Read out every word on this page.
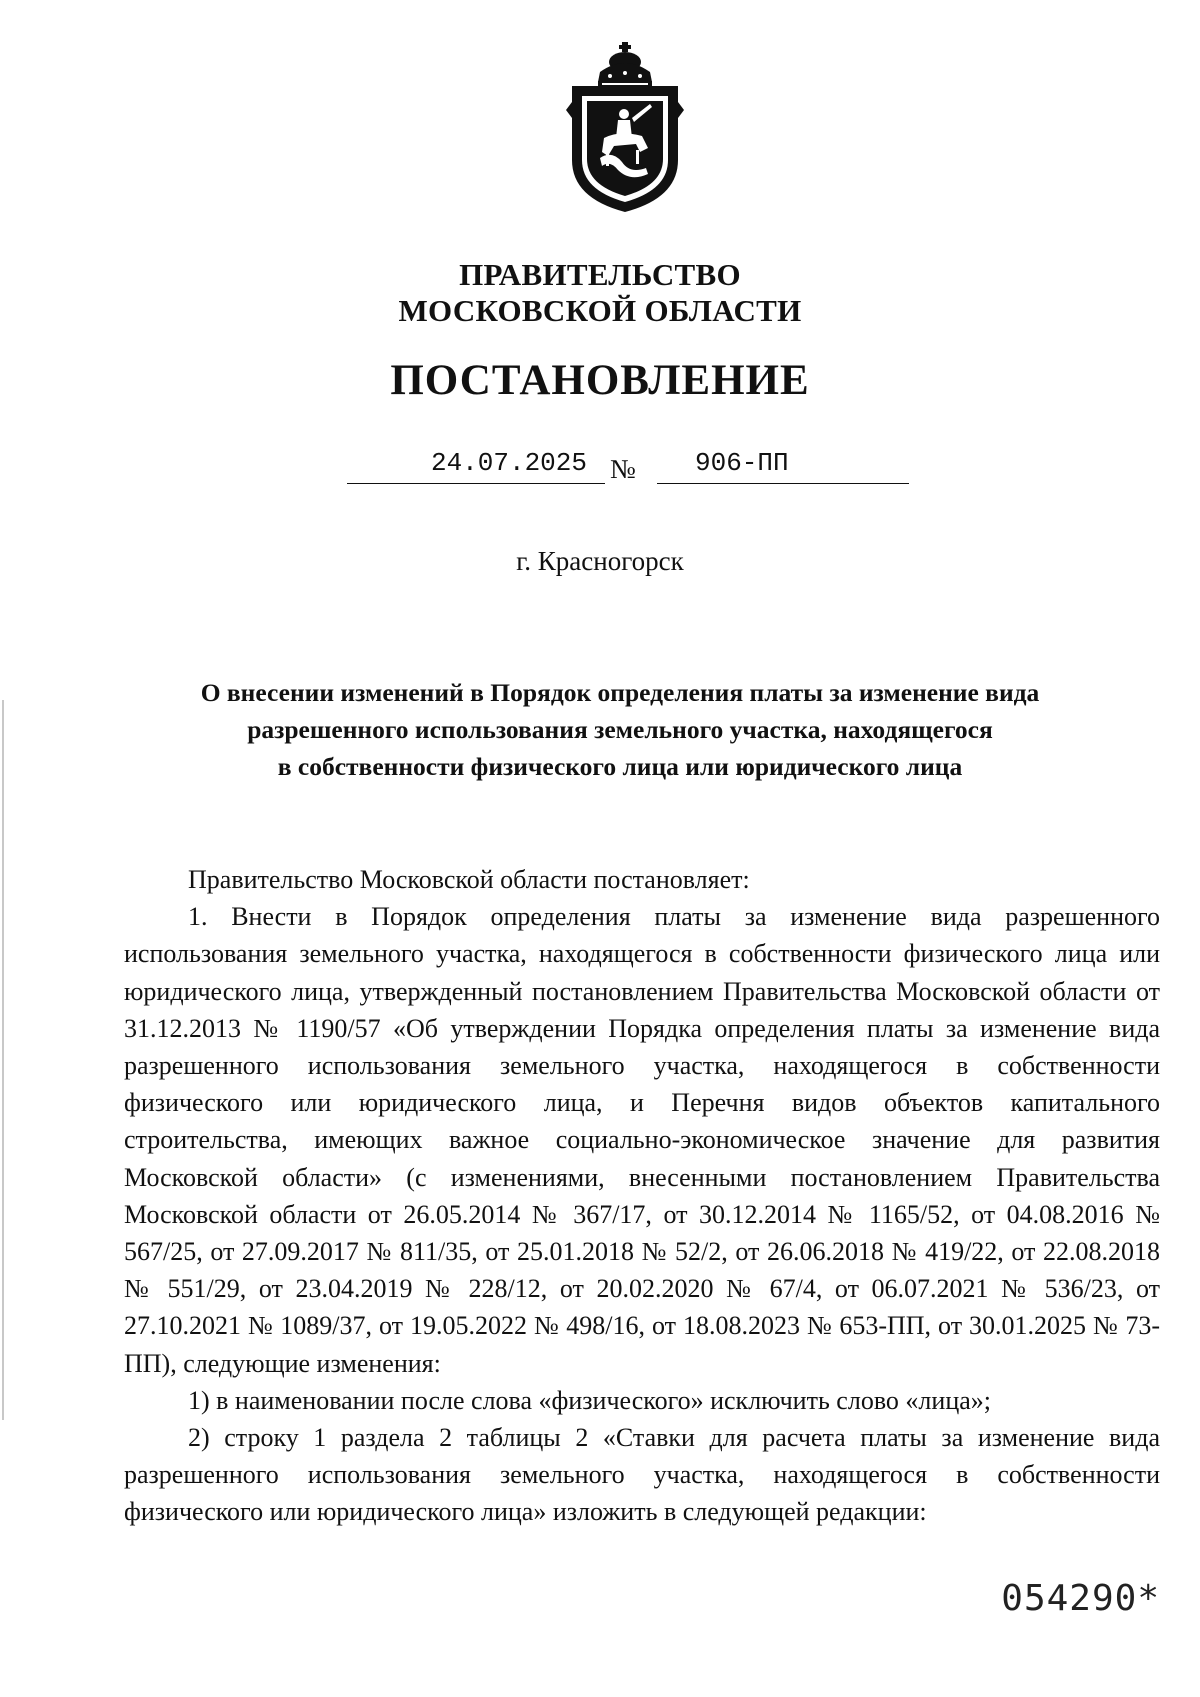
ПРАВИТЕЛЬСТВО
МОСКОВСКОЙ ОБЛАСТИ
ПОСТАНОВЛЕНИЕ
24.07.2025 №	906-ПП
г. Красногорск
О внесении изменений в Порядок определения платы за изменение вида
разрешенного использования земельного участка, находящегося
в собственности физического лица или юридического лица

Правительство Московской области постановляет:

1. Внести в Порядок определения платы за изменение вида разрешенного использования земельного участка, находящегося в собственности физического лица или юридического лица, утвержденный постановлением Правительства Московской области от 31.12.2013 № 1190/57 «Об утверждении Порядка определения платы за изменение вида разрешенного использования земельного участка, находящегося в собственности физического или юридического лица, и Перечня видов объектов капитального строительства, имеющих важное социально-экономическое значение для развития Московской области» (с изменениями, внесенными постановлением Правительства Московской области от 26.05.2014 № 367/17, от 30.12.2014 № 1165/52, от 04.08.2016 № 567/25, от 27.09.2017 № 811/35, от 25.01.2018 № 52/2, от 26.06.2018 № 419/22, от 22.08.2018 № 551/29, от 23.04.2019 № 228/12, от 20.02.2020 № 67/4, от 06.07.2021 № 536/23, от 27.10.2021 № 1089/37, от 19.05.2022 № 498/16, от 18.08.2023 № 653-ПП, от 30.01.2025 № 73-ПП), следующие изменения:

1) в наименовании после слова «физического» исключить слово «лица»;

2) строку 1 раздела 2 таблицы 2 «Ставки для расчета платы за изменение вида разрешенного использования земельного участка, находящегося в собственности физического или юридического лица» изложить в следующей редакции:

054290*
